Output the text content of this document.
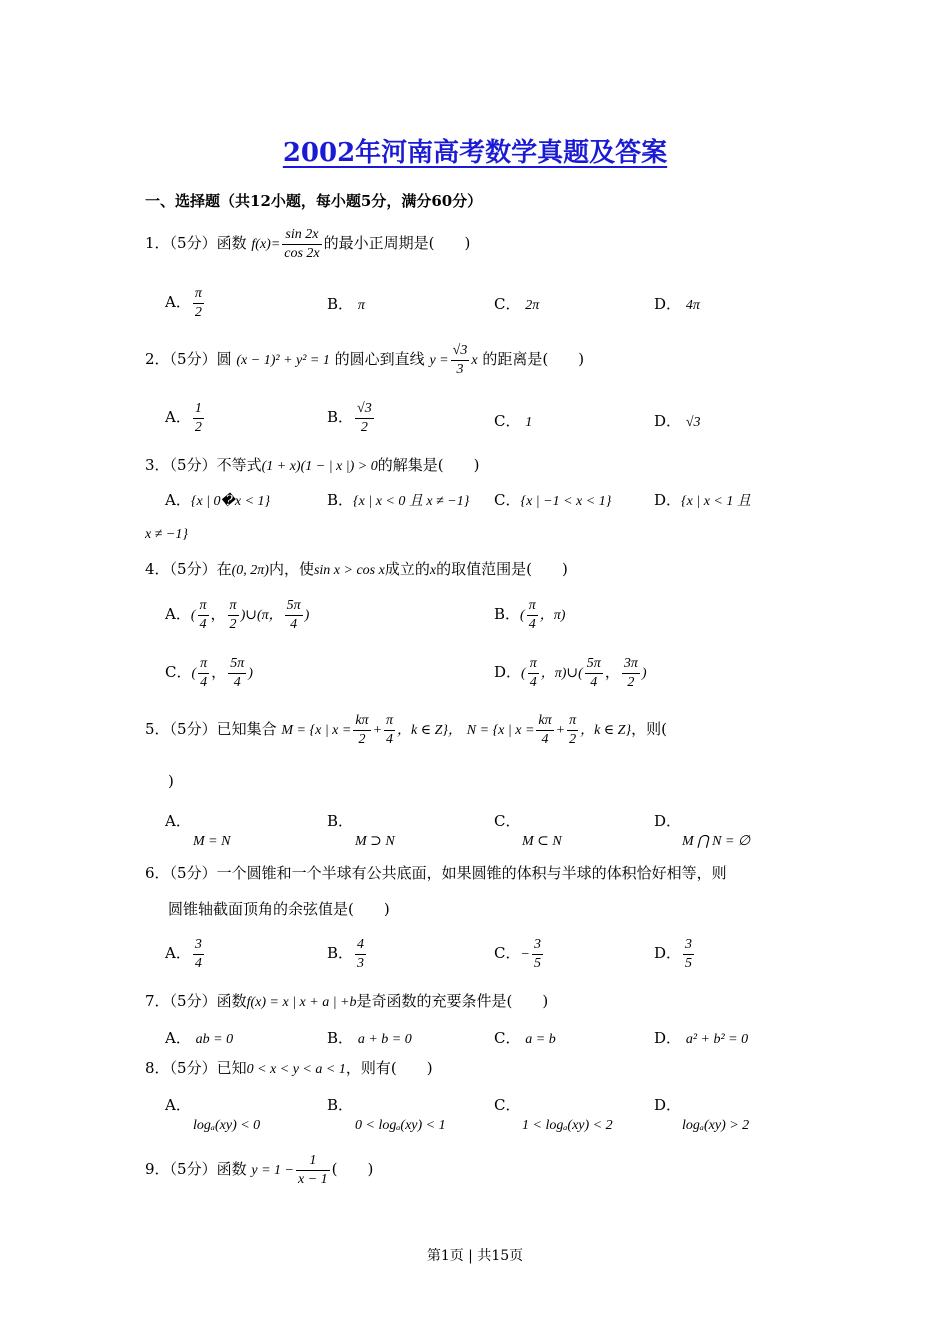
2002年河南高考数学真题及答案
一、选择题（共12小题，每小题5分，满分60分）
1．（5分）函数 $f(x)= \frac{\sin 2x}{\cos 2x}$ 的最小正周期是( )
A． $\frac{\pi}{2}$	B． π	C． 2π	D． 4π
2．（5分）圆 (x − 1)² + y² = 1 的圆心到直线 $y = \frac{√3}{3}$ x 的距离是( )
A． $\frac{1}{2}$	B． $\frac{√3}{2}$	C． 1	D． √3
3．（5分）不等式(1 + x)(1 − | x |) > 0的解集是( )
A．{x | 0�x < 1}	B．{x | x < 0 且 x ≠ −1} C．{x | −1 < x < 1}	D．{x | x < 1 且
x ≠ −1}
4．（5分）在(0, 2π)内，使sin x > cos x成立的x的取值范围是( )
A．( $\frac{\pi}{4}$ ， $\frac{\pi}{2}$ )∪(π， $\frac{5\pi}{4}$ )	B．( $\frac{\pi}{4}$ ，π)
C．( $\frac{\pi}{4}$ ， $\frac{5\pi}{4}$ )	D．( $\frac{\pi}{4}$ ，π)∪( $\frac{5\pi}{4}$ ， $\frac{3\pi}{2}$ )
5．（5分）已知集合 M = {x | $x = \frac{k\pi}{2} + \frac{\pi}{4}$ ，k ∈ Z}， N = {x | $x = \frac{k\pi}{4} + \frac{\pi}{2}$ ，k ∈ Z}，则(
)
A．
M = N
B．
M ⊃ N
C．
M ⊂ N
D．
M ⋂ N = ∅
6．（5分）一个圆锥和一个半球有公共底面，如果圆锥的体积与半球的体积恰好相等，则
圆锥轴截面顶角的余弦值是( )
A． $\frac{3}{4}$	B． $\frac{4}{3}$	C．− $\frac{3}{5}$	D． $\frac{3}{5}$
7．（5分）函数f(x) = x | x + a | +b是奇函数的充要条件是( )
A． ab = 0	B． a + b = 0	C． a = b	D． a² + b² = 0
8．（5分）已知0 < x < y < a < 1，则有( )
A．
logₐ(xy) < 0
B．
0 < logₐ(xy) < 1
C．
1 < logₐ(xy) < 2
D．
logₐ(xy) > 2
9．（5分）函数 $y = 1 - \frac{1}{x - 1}$ ( )
第1页 | 共15页
